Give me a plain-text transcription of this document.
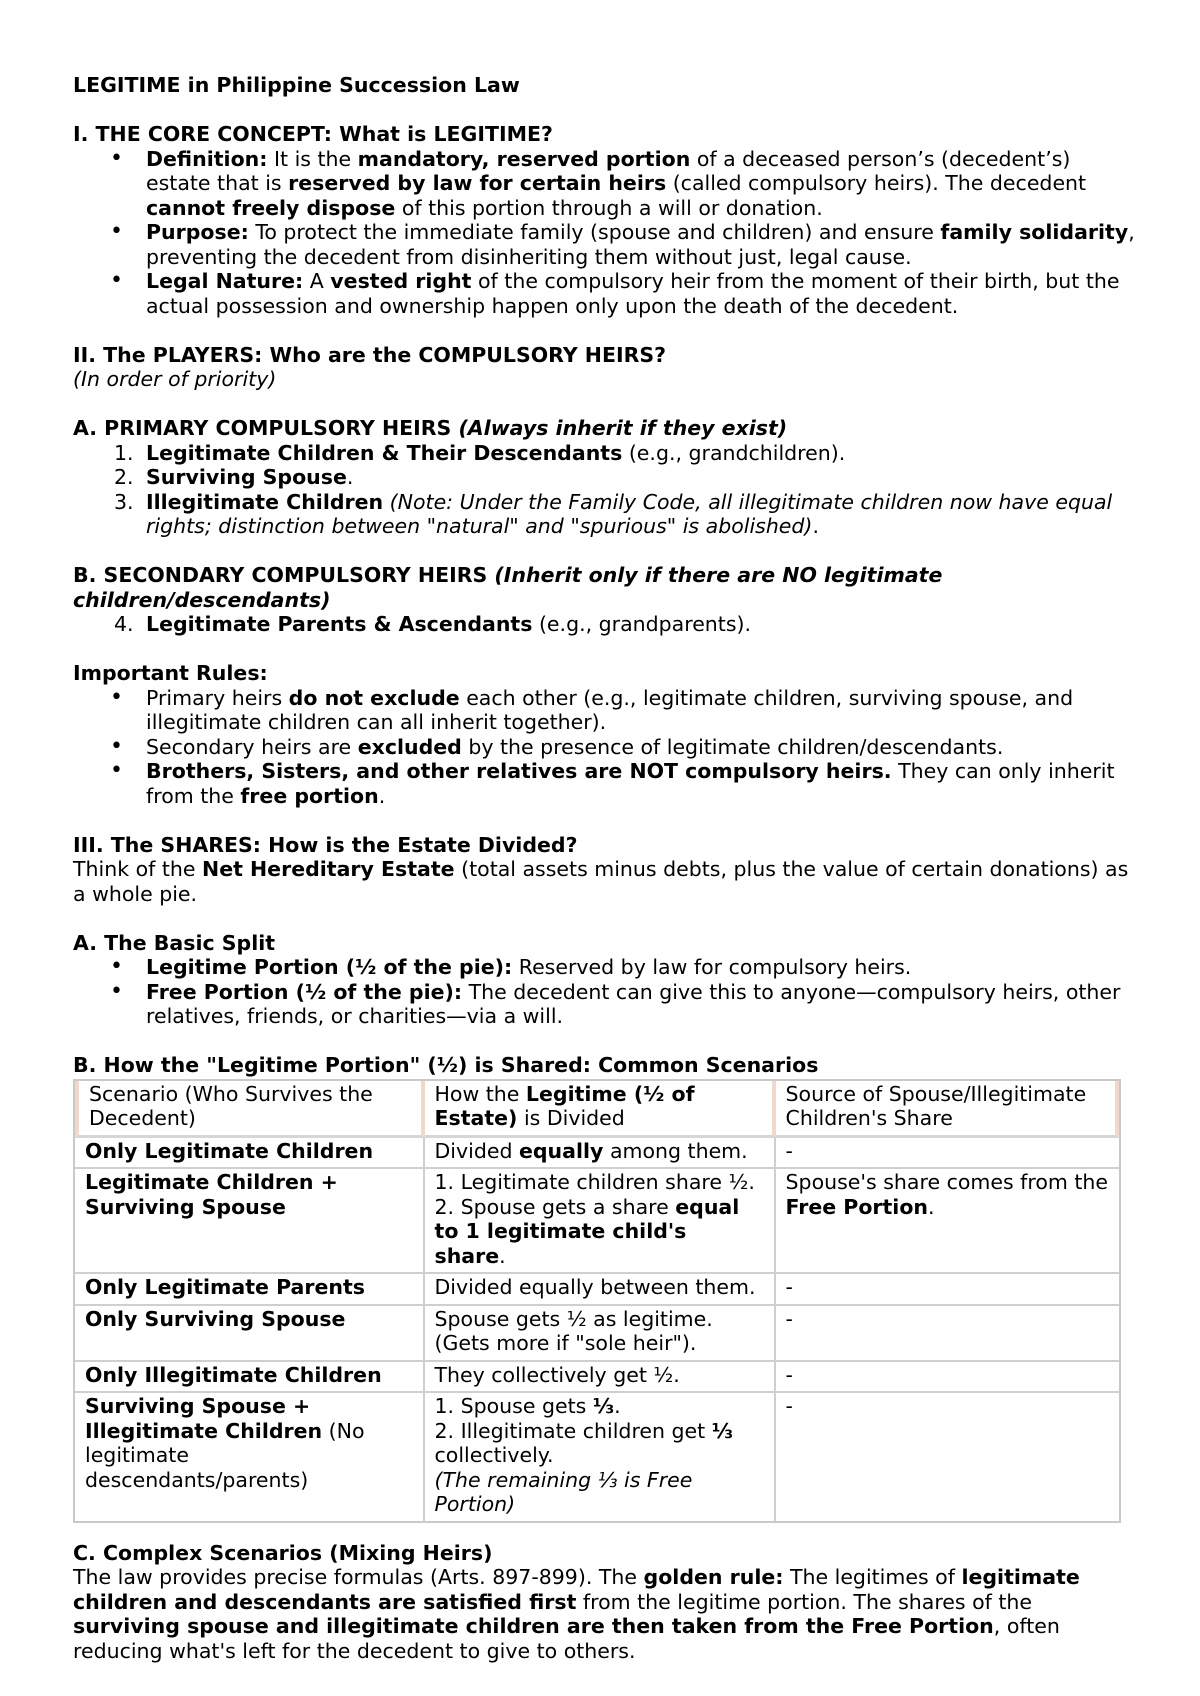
LEGITIME in Philippine Succession Law

I. THE CORE CONCEPT: What is LEGITIME?

• Definition: It is the mandatory, reserved portion of a deceased person’s (decedent’s) estate that is reserved by law for certain heirs (called compulsory heirs). The decedent cannot freely dispose of this portion through a will or donation.
• Purpose: To protect the immediate family (spouse and children) and ensure family solidarity, preventing the decedent from disinheriting them without just, legal cause.
• Legal Nature: A vested right of the compulsory heir from the moment of their birth, but the actual possession and ownership happen only upon the death of the decedent.

II. The PLAYERS: Who are the COMPULSORY HEIRS?

(In order of priority)

A. PRIMARY COMPULSORY HEIRS (Always inherit if they exist)

1. Legitimate Children & Their Descendants (e.g., grandchildren).
2. Surviving Spouse.
3. Illegitimate Children (Note: Under the Family Code, all illegitimate children now have equal rights; distinction between "natural" and "spurious" is abolished).

B. SECONDARY COMPULSORY HEIRS (Inherit only if there are NO legitimate children/descendants)

4. Legitimate Parents & Ascendants (e.g., grandparents).

Important Rules:

• Primary heirs do not exclude each other (e.g., legitimate children, surviving spouse, and illegitimate children can all inherit together).
• Secondary heirs are excluded by the presence of legitimate children/descendants.
• Brothers, Sisters, and other relatives are NOT compulsory heirs. They can only inherit from the free portion.

III. The SHARES: How is the Estate Divided?

Think of the Net Hereditary Estate (total assets minus debts, plus the value of certain donations) as a whole pie.

A. The Basic Split

• Legitime Portion (½ of the pie): Reserved by law for compulsory heirs.
• Free Portion (½ of the pie): The decedent can give this to anyone—compulsory heirs, other relatives, friends, or charities—via a will.

B. How the "Legitime Portion" (½) is Shared: Common Scenarios

Scenario (Who Survives the Decedent)	How the Legitime (½ of Estate) is Divided	Source of Spouse/Illegitimate Children's Share
Only Legitimate Children	Divided equally among them.	-
Legitimate Children + Surviving Spouse	1. Legitimate children share ½.
2. Spouse gets a share equal to 1 legitimate child's share.	Spouse's share comes from the Free Portion.
Only Legitimate Parents	Divided equally between them.	-
Only Surviving Spouse	Spouse gets ½ as legitime.
(Gets more if "sole heir").	-
Only Illegitimate Children	They collectively get ½.	-
Surviving Spouse + Illegitimate Children (No legitimate descendants/parents)	1. Spouse gets ⅓.
2. Illegitimate children get ⅓ collectively.
(The remaining ⅓ is Free Portion)	-

C. Complex Scenarios (Mixing Heirs)

The law provides precise formulas (Arts. 897-899). The golden rule: The legitimes of legitimate children and descendants are satisfied first from the legitime portion. The shares of the surviving spouse and illegitimate children are then taken from the Free Portion, often reducing what's left for the decedent to give to others.
